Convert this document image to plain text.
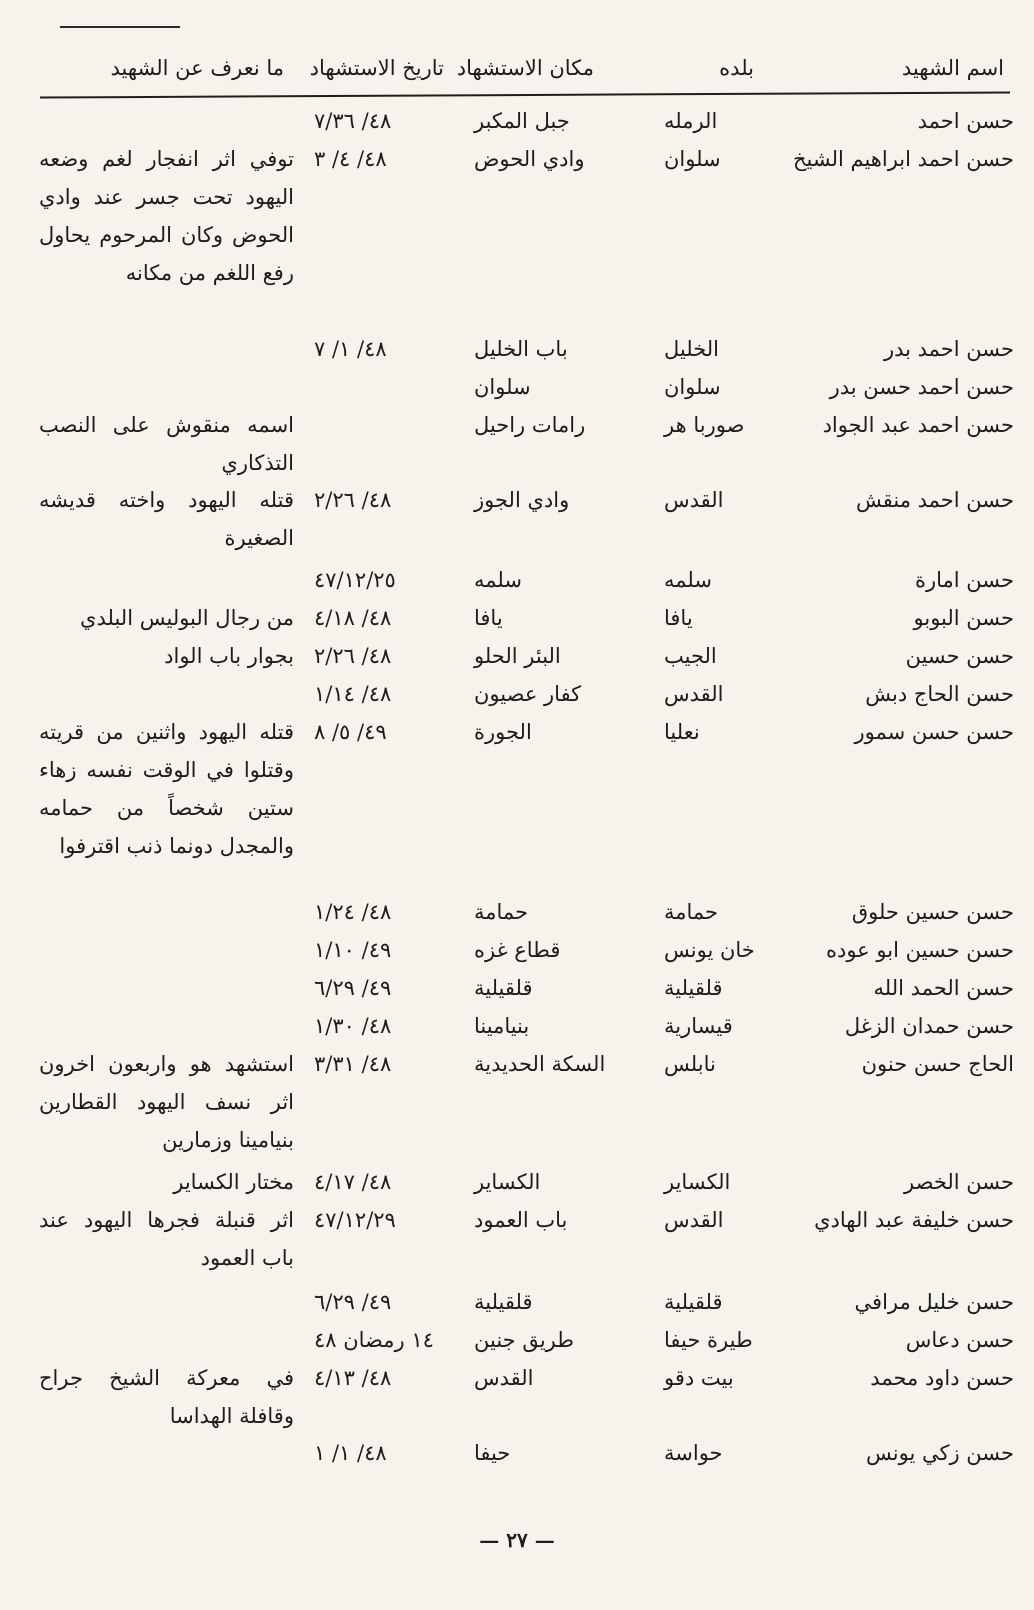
اسم الشهيد
بلده
مكان الاستشهاد
تاريخ الاستشهاد
ما نعرف عن الشهيد
حسن احمد
الرمله
جبل المكبر
٤٨/ ٧/٣٦
حسن احمد ابراهيم الشيخ
سلوان
وادي الحوض
٤٨/ ٤/ ٣
توفي اثر انفجار لغم وضعه اليهود تحت جسر عند وادي الحوض وكان المرحوم يحاول رفع اللغم من مكانه
حسن احمد بدر
الخليل
باب الخليل
٤٨/ ١/ ٧
حسن احمد حسن بدر
سلوان
سلوان
حسن احمد عبد الجواد
صوربا هر
رامات راحيل
اسمه منقوش على النصب التذكاري
حسن احمد منقش
القدس
وادي الجوز
٤٨/ ٢/٢٦
قتله اليهود واخته قديشه الصغيرة
حسن امارة
سلمه
سلمه
٤٧/١٢/٢٥
حسن البوبو
يافا
يافا
٤٨/ ٤/١٨
من رجال البوليس البلدي
حسن حسين
الجيب
البئر الحلو
٤٨/ ٢/٢٦
بجوار باب الواد
حسن الحاج دبش
القدس
كفار عصيون
٤٨/ ١/١٤
حسن حسن سمور
نعليا
الجورة
٤٩/ ٥/ ٨
قتله اليهود واثنين من قريته وقتلوا في الوقت نفسه زهاء ستين شخصاً من حمامه والمجدل دونما ذنب اقترفوا
حسن حسين حلوق
حمامة
حمامة
٤٨/ ١/٢٤
حسن حسين ابو عوده
خان يونس
قطاع غزه
٤٩/ ١/١٠
حسن الحمد الله
قلقيلية
قلقيلية
٤٩/ ٦/٢٩
حسن حمدان الزغل
قيسارية
بنيامينا
٤٨/ ١/٣٠
الحاج حسن حنون
نابلس
السكة الحديدية
٤٨/ ٣/٣١
استشهد هو واربعون اخرون اثر نسف اليهود القطارين بنيامينا وزمارين
حسن الخصر
الكساير
الكساير
٤٨/ ٤/١٧
مختار الكساير
حسن خليفة عبد الهادي
القدس
باب العمود
٤٧/١٢/٢٩
اثر قنبلة فجرها اليهود عند باب العمود
حسن خليل مرافي
قلقيلية
قلقيلية
٤٩/ ٦/٢٩
حسن دعاس
طيرة حيفا
طريق جنين
١٤ رمضان ٤٨
حسن داود محمد
بيت دقو
القدس
٤٨/ ٤/١٣
في معركة الشيخ جراح وقافلة الهداسا
حسن زكي يونس
حواسة
حيفا
٤٨/ ١/ ١
— ٢٧ —
